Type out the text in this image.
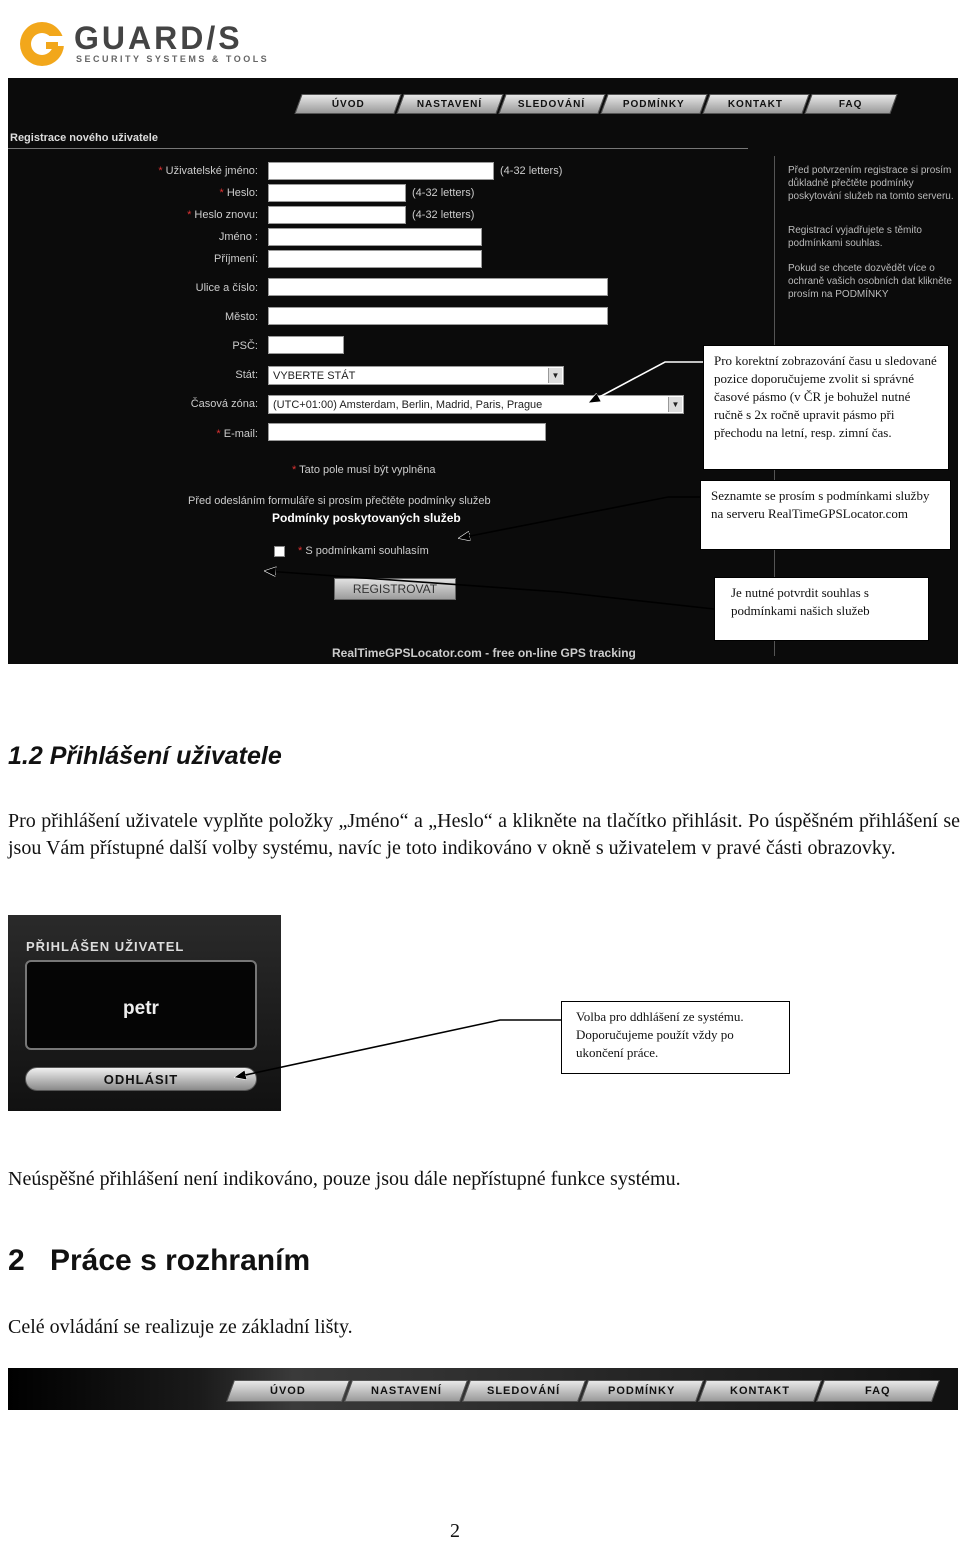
GUARD/S
SECURITY SYSTEMS & TOOLS
ÚVOD	NASTAVENÍ	SLEDOVÁNÍ	PODMÍNKY	KONTAKT	FAQ
Registrace nového uživatele
* Uživatelské jméno:	(4-32 letters)
* Heslo:	(4-32 letters)
* Heslo znovu:	(4-32 letters)
Jméno :
Příjmení:
Ulice a číslo:
Město:
PSČ:
Stát: VYBERTE STÁT	▼
Časová zóna: (UTC+01:00) Amsterdam, Berlin, Madrid, Paris, Prague	▼
* E-mail:
* Tato pole musí být vyplněna
Před odesláním formuláře si prosím přečtěte podmínky služeb
Podmínky poskytovaných služeb
* S podmínkami souhlasím
REGISTROVAT
Před potvrzením registrace si prosím důkladně přečtěte podmínky poskytování služeb na tomto serveru.
Registrací vyjadřujete s těmito podmínkami souhlas.
Pokud se chcete dozvědět více o ochraně vašich osobních dat klikněte prosím na PODMÍNKY
RealTimeGPSLocator.com - free on-line GPS tracking
Pro korektní zobrazování času u sledované pozice doporučujeme zvolit si správné časové pásmo (v ČR je bohužel nutné ručně s 2x ročně upravit pásmo při přechodu na letní, resp. zimní čas.
Seznamte se prosím s podmínkami služby na serveru RealTimeGPSLocator.com
Je nutné potvrdit souhlas s podmínkami našich služeb
1.2 Přihlášení uživatele
Pro přihlášení uživatele vyplňte položky „Jméno“ a „Heslo“ a klikněte na tlačítko přihlásit. Po úspěšném přihlášení se jsou Vám přístupné další volby systému, navíc je toto indikováno v okně s uživatelem v pravé části obrazovky.
PŘIHLÁŠEN UŽIVATEL
petr
ODHLÁSIT
Volba pro ddhlášení ze systému. Doporučujeme použít vždy po ukončení práce.
Neúspěšné přihlášení není indikováno, pouze jsou dále nepřístupné funkce systému.
2 Práce s rozhraním
Celé ovládání se realizuje ze základní lišty.
ÚVOD	NASTAVENÍ	SLEDOVÁNÍ	PODMÍNKY	KONTAKT	FAQ
2
